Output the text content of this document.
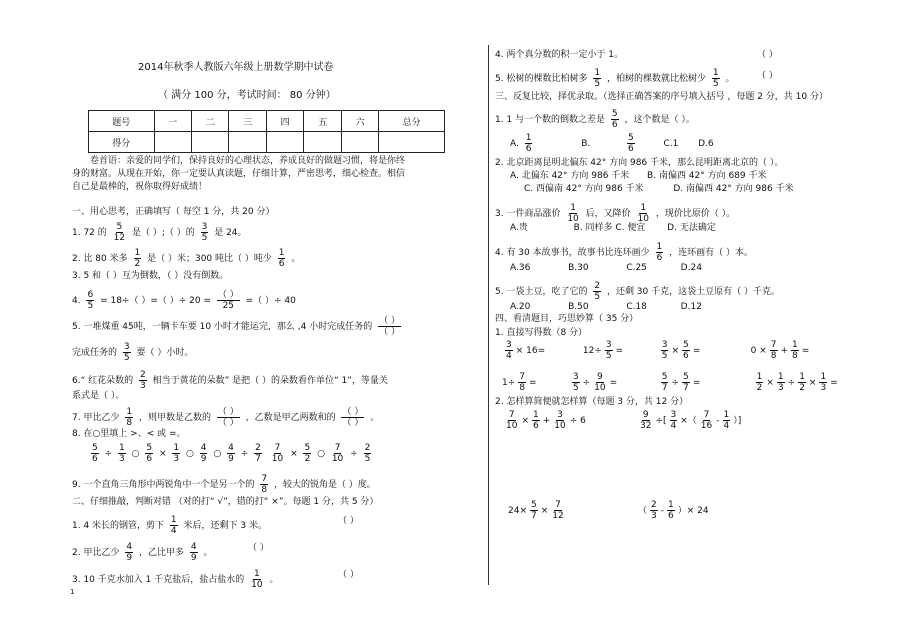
2014年秋季人教版六年级上册数学期中试卷
（ 满分 100 分，考试时间： 80 分钟）
题号	一	二	三	四	五	六	总分
得分							
卷首语：亲爱的同学们，保持良好的心理状态，养成良好的做题习惯，将是你终
身的财富。从现在开始，你一定要认真读题，仔细计算，严密思考，细心检查。相信
自己是最棒的，祝你取得好成绩！
一、用心思考，正确填写（ 每空 1 分，共 20 分）
1. 72 的 $\frac{5}{12}$ 是（ ）;（ ）的 $\frac{3}{5}$ 是 24。
2. 比 80 米多 $\frac{1}{2}$ 是（ ）米；300 吨比（ ）吨少 $\frac{1}{6}$ 。
3. 5 和（ ）互为倒数，（ ）没有倒数。
4. $\frac{6}{5} = 18\div$（ ）=（ ）÷ $20 = \frac{( )}{25}$ =（ ）÷ 40
5. 一堆煤重 45吨，一辆卡车要 10 小时才能运完，那么 ,4 小时完成任务的 $\frac{( )}{( )}$
完成任务的 $\frac{3}{5}$ 要（ ）小时。
6.“ 红花朵数的 $\frac{2}{3}$ 相当于黄花的朵数” 是把（ ）的朵数看作单位“ 1”，等量关
系式是（ ）。
7. 甲比乙少 $\frac{1}{8}$ ，则甲数是乙数的 $\frac{( )}{( )}$ ，乙数是甲乙两数和的 $\frac{( )}{( )}$ 。
8. 在○里填上 >、< 或 =。
$\frac{5}{6} \div \frac{1}{3}$ ○ $\frac{5}{6} \times \frac{1}{3}$ ○ $\frac{4}{9}$ ○ $\frac{4}{9} \div \frac{2}{7}$
$\frac{7}{10} \times \frac{5}{2}$ ○ $\frac{7}{10} \div \frac{2}{5}$
9. 一个直角三角形中两锐角中一个是另一个的 $\frac{7}{8}$ ，较大的锐角是（ ）度。
二、仔细推敲，判断对错 （对的打“ √”，错的打“ ×”。每题 1 分，共 5 分）
1. 4 米长的钢管，剪下 $\frac{1}{4}$ 米后，还剩下 3 米。	（ ）
2. 甲比乙少 $\frac{4}{9}$ ，乙比甲多 $\frac{4}{9}$ 。	（ ）
3. 10 千克水加入 1 千克盐后，盐占盐水的 $\frac{1}{10}$ 。	（ ）
1
4. 两个真分数的积一定小于 1。	（ ）
5. 松树的棵数比柏树多 $\frac{1}{5}$ ，柏树的棵数就比松树少 $\frac{1}{5}$ 。	（ ）
三、反复比较，择优录取。（选择正确答案的序号填入括号 ，每题 2 分，共 10 分）
1. 1 与一个数的倒数之差是 $\frac{5}{6}$ ，这个数是（ ）。
A. $\frac{1}{6}$	B.	$\frac{5}{6}$	C.1 D.6
2. 北京距离昆明北偏东 42° 方向 986 千米，那么昆明距离北京的（ ）。
A. 北偏东 42° 方向 986 千米 B. 南偏西 42° 方向 689 千米
C. 西偏南 42° 方向 986 千米	D. 南偏西 42° 方向 986 千米
3. 一件商品涨价 $\frac{1}{10}$ 后，又降价 $\frac{1}{10}$ ，现价比原价（ ）。
A.贵	B. 同样多 C. 便宜 D. 无法确定
4. 有 30 本故事书，故事书比连环画少 $\frac{1}{6}$ ，连环画有（ ）本。
A.36	B.30	C.25	D.24
5. 一袋土豆，吃了它的 $\frac{2}{5}$ ，还剩 30 千克，这袋土豆原有（ ）千克。
A.20	B.50	C.18	D.12
四、看清题目，巧思妙算（ 35 分）
1. 直接写得数（8 分）
$\frac{3}{4} \times 16=$	$12\div \frac{3}{5}$ =	$\frac{3}{5} \times \frac{5}{6}$ =	$0 \times \frac{7}{8} + \frac{1}{8}$ =
$1\div \frac{7}{8}$ =	$\frac{3}{5} \div \frac{9}{10}$ =	$\frac{5}{7} \div \frac{5}{7}$ =	$\frac{1}{2} \times \frac{1}{3} \div \frac{1}{2} \times \frac{1}{3}$ =
2. 怎样算简便就怎样算（每题 3 分，共 12 分）
$\frac{7}{10} \times \frac{1}{6} + \frac{3}{10} \div 6$	$\frac{9}{32}$ ÷[ $\frac{3}{4}$ ×（ $\frac{7}{16} - \frac{1}{4}$ ）]
$24\times \frac{5}{7} \times \frac{7}{12}$	（ $\frac{2}{3} - \frac{1}{6}$ ）× 24
